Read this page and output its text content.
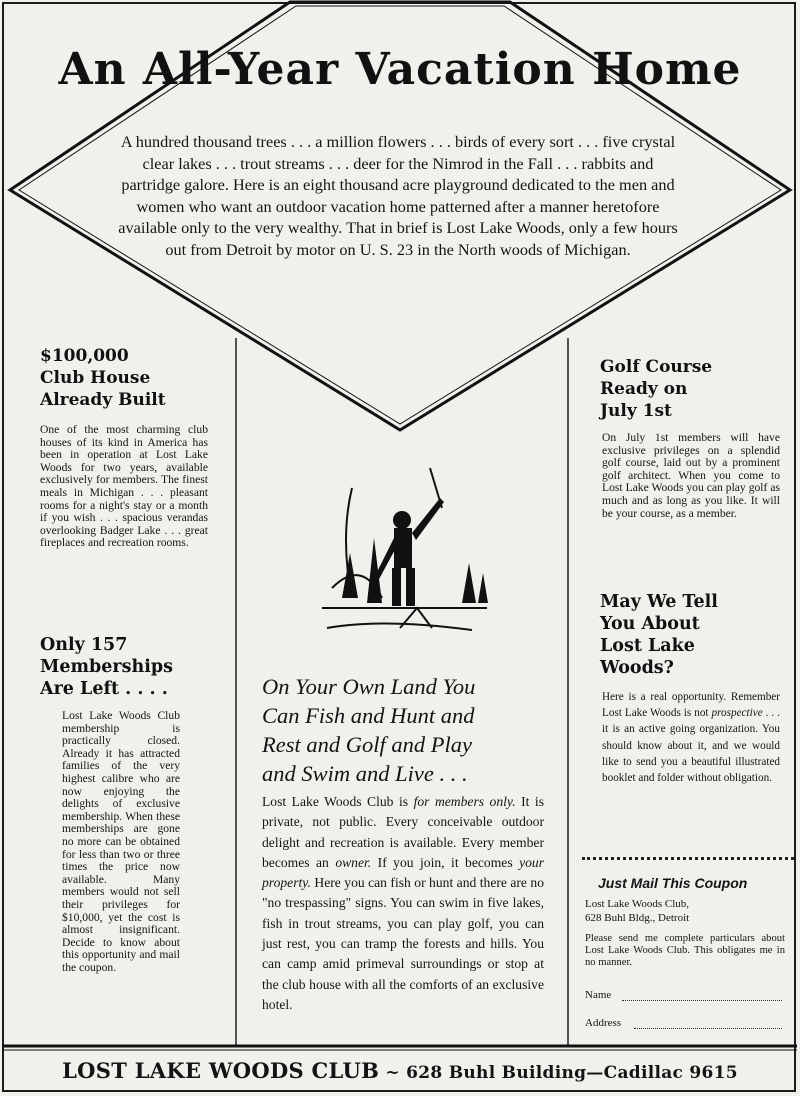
An All-Year Vacation Home
A hundred thousand trees . . . a million flowers . . . birds of every sort . . . five crystal clear lakes . . . trout streams . . . deer for the Nimrod in the Fall . . . rabbits and partridge galore. Here is an eight thousand acre playground dedicated to the men and women who want an outdoor vacation home patterned after a manner heretofore available only to the very wealthy. That in brief is Lost Lake Woods, only a few hours out from Detroit by motor on U. S. 23 in the North woods of Michigan.
$100,000
Club House
Already Built
One of the most charming club houses of its kind in America has been in operation at Lost Lake Woods for two years, available exclusively for members. The finest meals in Michigan . . . pleasant rooms for a night's stay or a month if you wish . . . spacious verandas overlooking Badger Lake . . . great fireplaces and recreation rooms.
Only 157
Memberships
Are Left . . . .
Lost Lake Woods Club membership is practically closed. Already it has attracted families of the very highest calibre who are now enjoying the delights of exclusive membership. When these memberships are gone no more can be obtained for less than two or three times the price now available. Many members would not sell their privileges for $10,000, yet the cost is almost insignificant. Decide to know about this opportunity and mail the coupon.
On Your Own Land You
Can Fish and Hunt and
Rest and Golf and Play
and Swim and Live . . .
Lost Lake Woods Club is for members only. It is private, not public. Every conceivable outdoor delight and recreation is available. Every member becomes an owner. If you join, it becomes your property. Here you can fish or hunt and there are no "no trespassing" signs. You can swim in five lakes, fish in trout streams, you can play golf, you can just rest, you can tramp the forests and hills. You can camp amid primeval surroundings or stop at the club house with all the comforts of an exclusive hotel.
Golf Course
Ready on
July 1st
On July 1st members will have exclusive privileges on a splendid golf course, laid out by a prominent golf architect. When you come to Lost Lake Woods you can play golf as much and as long as you like. It will be your course, as a member.
May We Tell
You About
Lost Lake
Woods?
Here is a real opportunity. Remember Lost Lake Woods is not prospective . . . it is an active going organization. You should know about it, and we would like to send you a beautiful illustrated booklet and folder without obligation.
Just Mail This Coupon
Lost Lake Woods Club,
628 Buhl Bldg., Detroit
Please send me complete particulars about Lost Lake Woods Club. This obligates me in no manner.
Name
Address
LOST LAKE WOODS CLUB ~ 628 Buhl Building—Cadillac 9615
